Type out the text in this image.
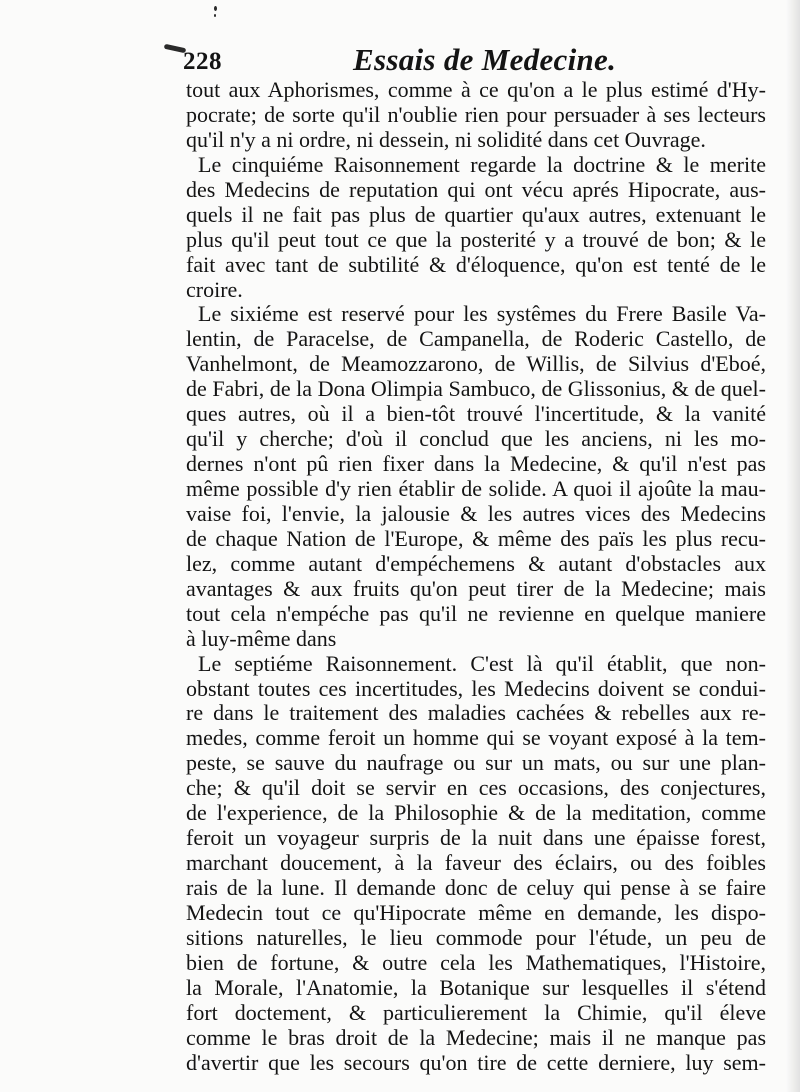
228	Essais de Medecine.
tout aux Aphorismes, comme à ce qu'on a le plus estimé d'Hy-
pocrate; de sorte qu'il n'oublie rien pour persuader à ses lecteurs
qu'il n'y a ni ordre, ni dessein, ni solidité dans cet Ouvrage.
Le cinquiéme Raisonnement regarde la doctrine & le merite
des Medecins de reputation qui ont vécu aprés Hipocrate, aus-
quels il ne fait pas plus de quartier qu'aux autres, extenuant le
plus qu'il peut tout ce que la posterité y a trouvé de bon; & le
fait avec tant de subtilité & d'éloquence, qu'on est tenté de le
croire.
Le sixiéme est reservé pour les systêmes du Frere Basile Va-
lentin, de Paracelse, de Campanella, de Roderic Castello, de
Vanhelmont, de Meamozzarono, de Willis, de Silvius d'Eboé,
de Fabri, de la Dona Olimpia Sambuco, de Glissonius, & de quel-
ques autres, où il a bien-tôt trouvé l'incertitude, & la vanité
qu'il y cherche; d'où il conclud que les anciens, ni les mo-
dernes n'ont pû rien fixer dans la Medecine, & qu'il n'est pas
même possible d'y rien établir de solide. A quoi il ajoûte la mau-
vaise foi, l'envie, la jalousie & les autres vices des Medecins
de chaque Nation de l'Europe, & même des païs les plus recu-
lez, comme autant d'empéchemens & autant d'obstacles aux
avantages & aux fruits qu'on peut tirer de la Medecine; mais
tout cela n'empéche pas qu'il ne revienne en quelque maniere
à luy-même dans
Le septiéme Raisonnement. C'est là qu'il établit, que non-
obstant toutes ces incertitudes, les Medecins doivent se condui-
re dans le traitement des maladies cachées & rebelles aux re-
medes, comme feroit un homme qui se voyant exposé à la tem-
peste, se sauve du naufrage ou sur un mats, ou sur une plan-
che; & qu'il doit se servir en ces occasions, des conjectures,
de l'experience, de la Philosophie & de la meditation, comme
feroit un voyageur surpris de la nuit dans une épaisse forest,
marchant doucement, à la faveur des éclairs, ou des foibles
rais de la lune. Il demande donc de celuy qui pense à se faire
Medecin tout ce qu'Hipocrate même en demande, les dispo-
sitions naturelles, le lieu commode pour l'étude, un peu de
bien de fortune, & outre cela les Mathematiques, l'Histoire,
la Morale, l'Anatomie, la Botanique sur lesquelles il s'étend
fort doctement, & particulierement la Chimie, qu'il éleve
comme le bras droit de la Medecine; mais il ne manque pas
d'avertir que les secours qu'on tire de cette derniere, luy sem-
